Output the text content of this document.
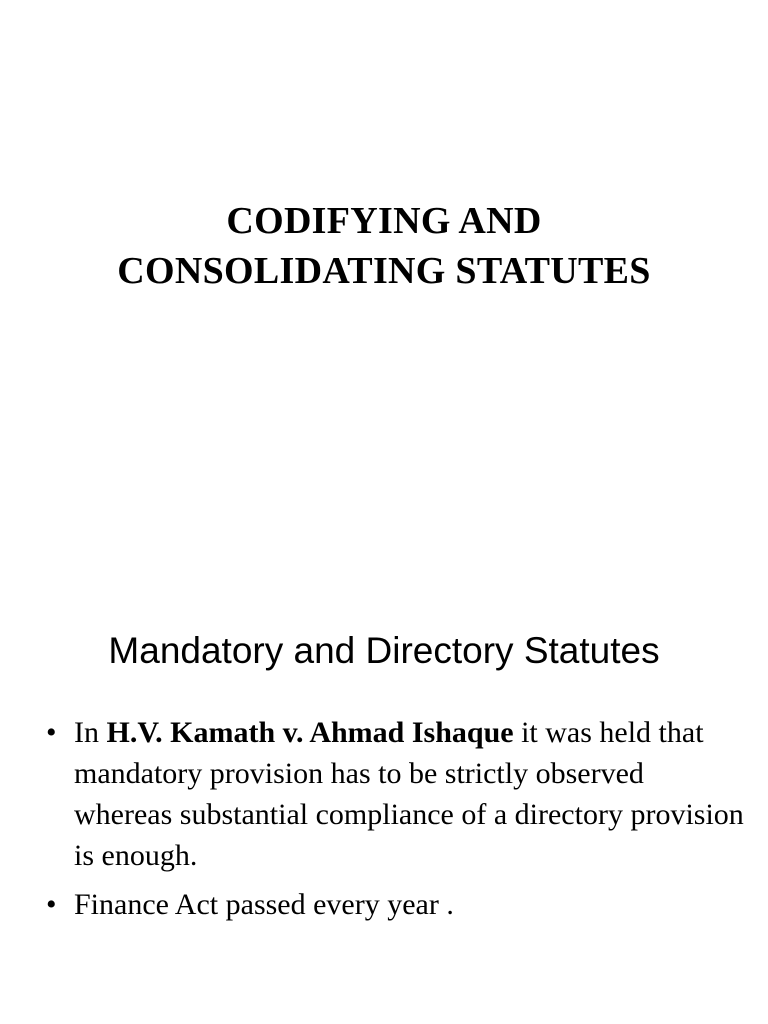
CODIFYING AND
CONSOLIDATING STATUTES
Mandatory and Directory Statutes
• In H.V. Kamath v. Ahmad Ishaque it was held that mandatory provision has to be strictly observed whereas substantial compliance of a directory provision is enough.
• Finance Act passed every year .
